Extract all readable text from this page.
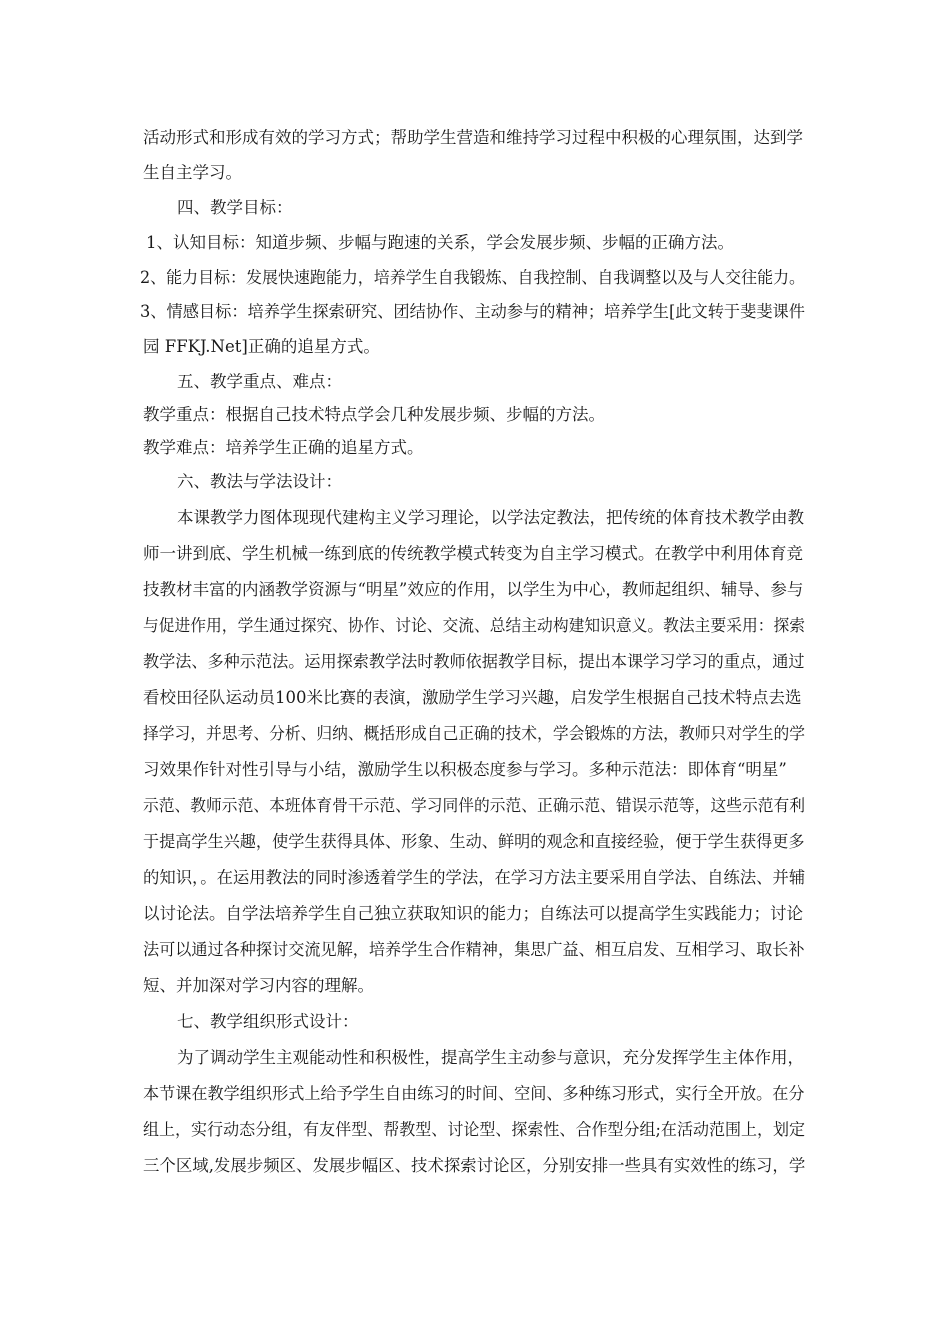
活动形式和形成有效的学习方式；帮助学生营造和维持学习过程中积极的心理氛围，达到学
生自主学习。
四、教学目标：
1、认知目标：知道步频、步幅与跑速的关系，学会发展步频、步幅的正确方法。
2、能力目标：发展快速跑能力，培养学生自我锻炼、自我控制、自我调整以及与人交往能力。
3、情感目标：培养学生探索研究、团结协作、主动参与的精神；培养学生[此文转于斐斐课件
园 FFKJ.Net]正确的追星方式。
五、教学重点、难点：
教学重点：根据自己技术特点学会几种发展步频、步幅的方法。
教学难点：培养学生正确的追星方式。
六、教法与学法设计：
本课教学力图体现现代建构主义学习理论，以学法定教法，把传统的体育技术教学由教
师一讲到底、学生机械一练到底的传统教学模式转变为自主学习模式。在教学中利用体育竞
技教材丰富的内涵教学资源与“明星”效应的作用，以学生为中心，教师起组织、辅导、参与
与促进作用，学生通过探究、协作、讨论、交流、总结主动构建知识意义。教法主要采用：探索
教学法、多种示范法。运用探索教学法时教师依据教学目标，提出本课学习学习的重点，通过
看校田径队运动员100米比赛的表演，激励学生学习兴趣，启发学生根据自己技术特点去选
择学习，并思考、分析、归纳、概括形成自己正确的技术，学会锻炼的方法，教师只对学生的学
习效果作针对性引导与小结，激励学生以积极态度参与学习。多种示范法：即体育“明星”
示范、教师示范、本班体育骨干示范、学习同伴的示范、正确示范、错误示范等，这些示范有利
于提高学生兴趣，使学生获得具体、形象、生动、鲜明的观念和直接经验，便于学生获得更多
的知识，。在运用教法的同时渗透着学生的学法，在学习方法主要采用自学法、自练法、并辅
以讨论法。自学法培养学生自己独立获取知识的能力；自练法可以提高学生实践能力；讨论
法可以通过各种探讨交流见解，培养学生合作精神，集思广益、相互启发、互相学习、取长补
短、并加深对学习内容的理解。
七、教学组织形式设计：
为了调动学生主观能动性和积极性，提高学生主动参与意识，充分发挥学生主体作用，
本节课在教学组织形式上给予学生自由练习的时间、空间、多种练习形式，实行全开放。在分
组上，实行动态分组，有友伴型、帮教型、讨论型、探索性、合作型分组;在活动范围上，划定
三个区域,发展步频区、发展步幅区、技术探索讨论区，分别安排一些具有实效性的练习，学
